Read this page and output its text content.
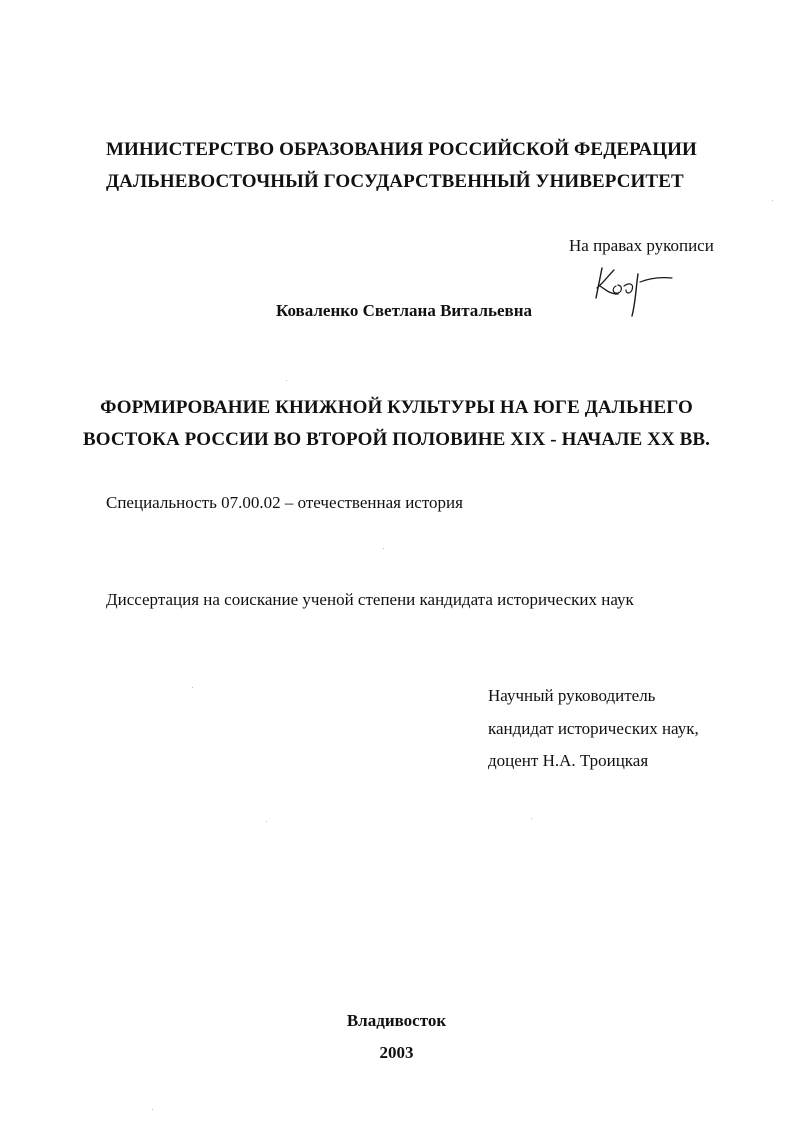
МИНИСТЕРСТВО ОБРАЗОВАНИЯ РОССИЙСКОЙ ФЕДЕРАЦИИ

ДАЛЬНЕВОСТОЧНЫЙ ГОСУДАРСТВЕННЫЙ УНИВЕРСИТЕТ

На правах рукописи

Коваленко Светлана Витальевна

ФОРМИРОВАНИЕ КНИЖНОЙ КУЛЬТУРЫ НА ЮГЕ ДАЛЬНЕГО

ВОСТОКА РОССИИ ВО ВТОРОЙ ПОЛОВИНЕ XIX - НАЧАЛЕ XX ВВ.

Специальность 07.00.02 – отечественная история

Диссертация на соискание ученой степени кандидата исторических наук

Научный руководитель

кандидат исторических наук,

доцент Н.А. Троицкая

Владивосток

2003
